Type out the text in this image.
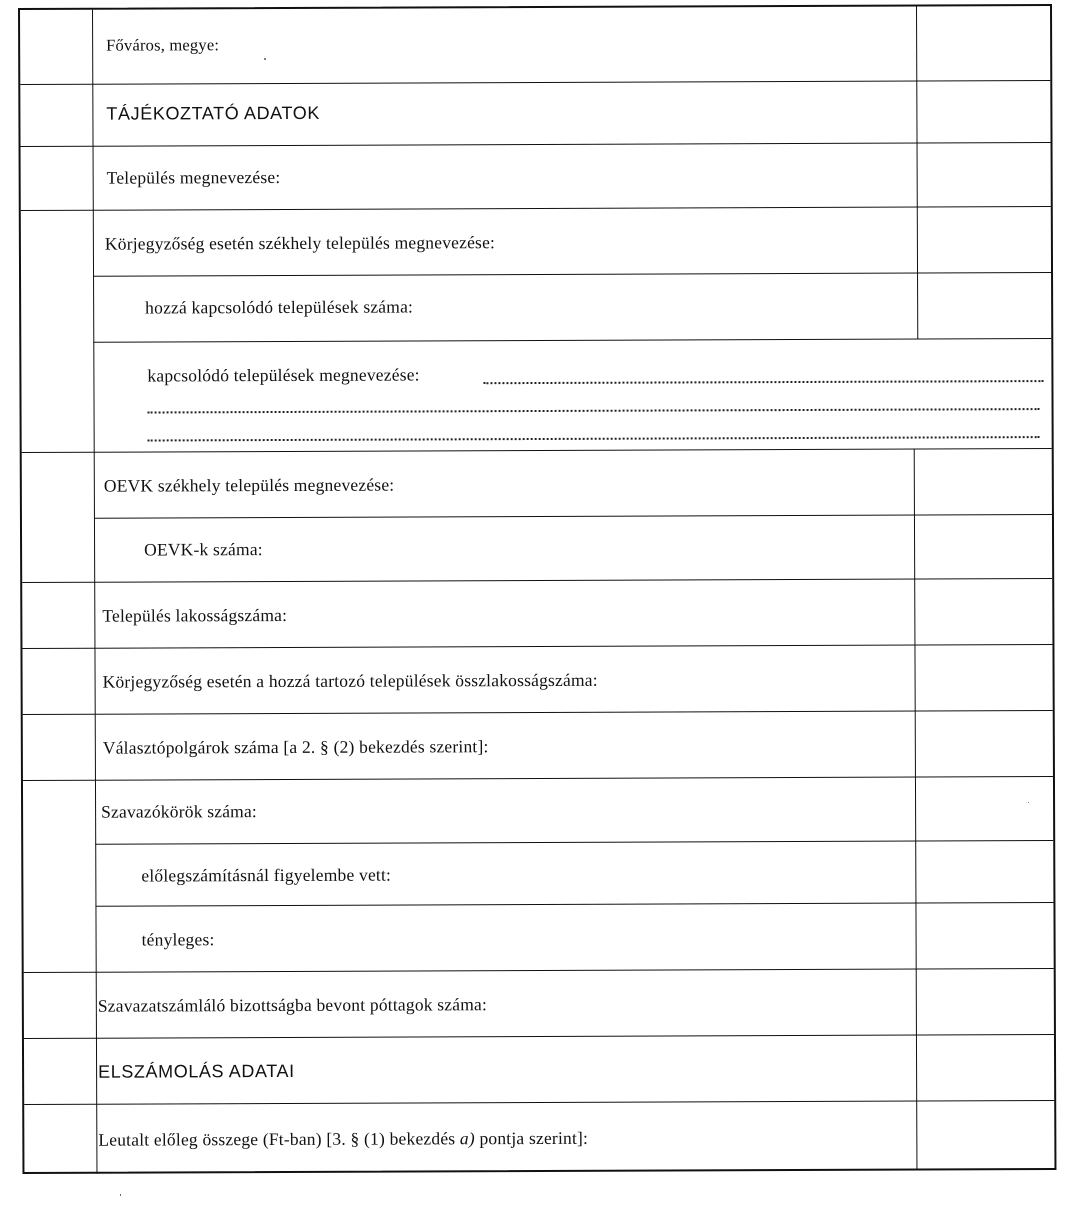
Főváros, megye:
TÁJÉKOZTATÓ ADATOK
Település megnevezése:
Körjegyzőség esetén székhely település megnevezése:
hozzá kapcsolódó települések száma:
kapcsolódó települések megnevezése:
OEVK székhely település megnevezése:
OEVK-k száma:
Település lakosságszáma:
Körjegyzőség esetén a hozzá tartozó települések összlakosságszáma:
Választópolgárok száma [a 2. § (2) bekezdés szerint]:
Szavazókörök száma:
előlegszámításnál figyelembe vett:
tényleges:
Szavazatszámláló bizottságba bevont póttagok száma:
ELSZÁMOLÁS ADATAI
Leutalt előleg összege (Ft-ban) [3. § (1) bekezdés a) pontja szerint]:
